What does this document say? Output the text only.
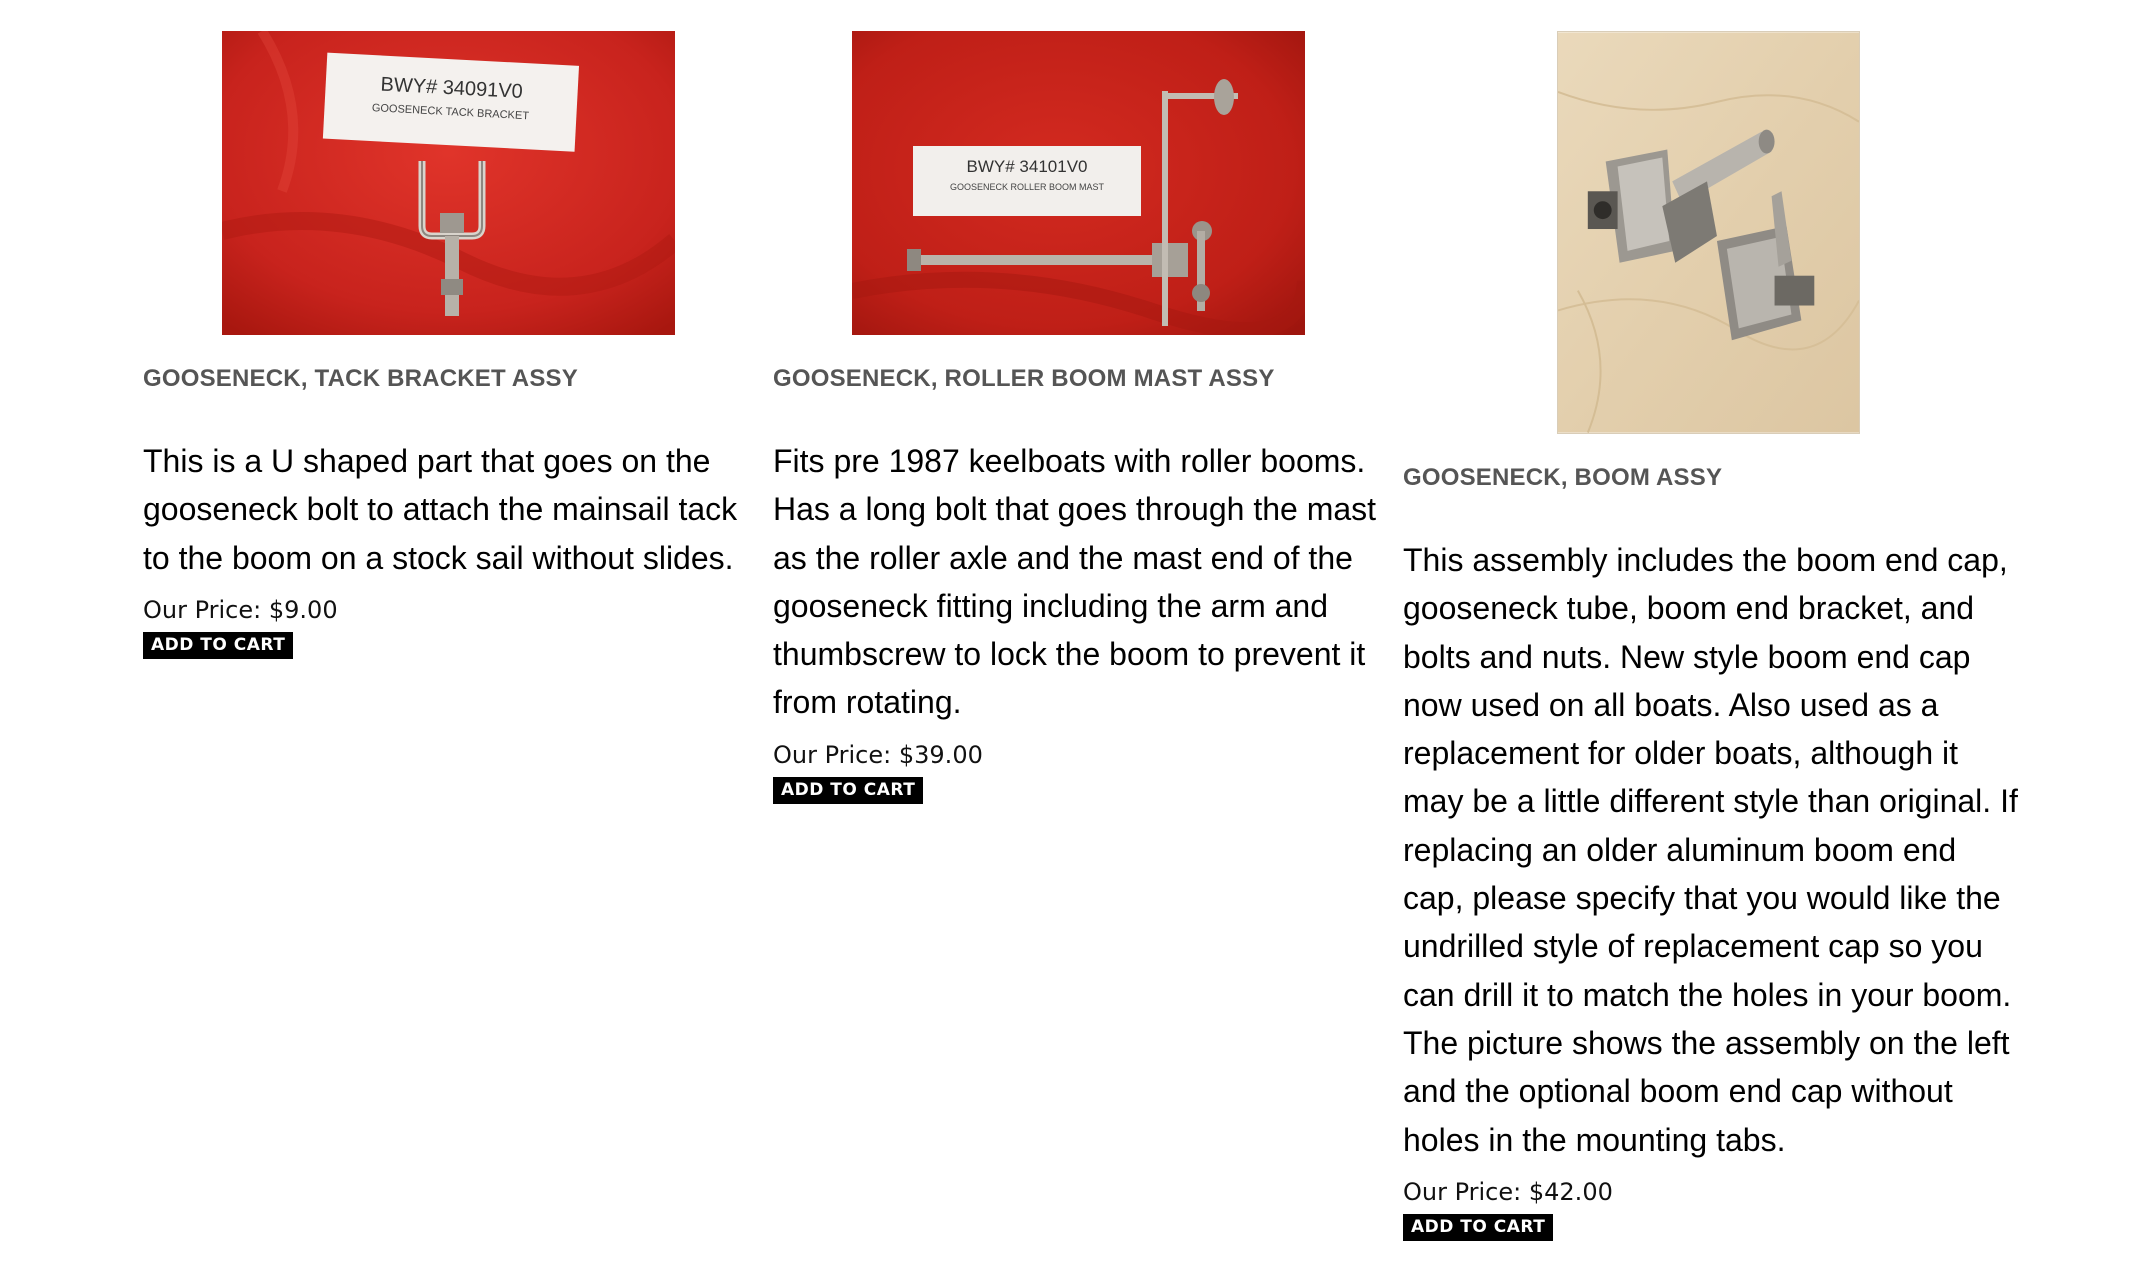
BWY# 34091V0
GOOSENECK TACK BRACKET
GOOSENECK, TACK BRACKET ASSY

This is a U shaped part that goes on the gooseneck bolt to attach the mainsail tack to the boom on a stock sail without slides.

Our Price: $9.00
ADD TO CART
BWY# 34101V0
GOOSENECK ROLLER BOOM MAST
GOOSENECK, ROLLER BOOM MAST ASSY

Fits pre 1987 keelboats with roller booms. Has a long bolt that goes through the mast as the roller axle and the mast end of the gooseneck fitting including the arm and thumbscrew to lock the boom to prevent it from rotating.

Our Price: $39.00
ADD TO CART
GOOSENECK, BOOM ASSY

This assembly includes the boom end cap, gooseneck tube, boom end bracket, and bolts and nuts. New style boom end cap now used on all boats. Also used as a replacement for older boats, although it may be a little different style than original. If replacing an older aluminum boom end cap, please specify that you would like the undrilled style of replacement cap so you can drill it to match the holes in your boom. The picture shows the assembly on the left and the optional boom end cap without holes in the mounting tabs.

Our Price: $42.00
ADD TO CART
